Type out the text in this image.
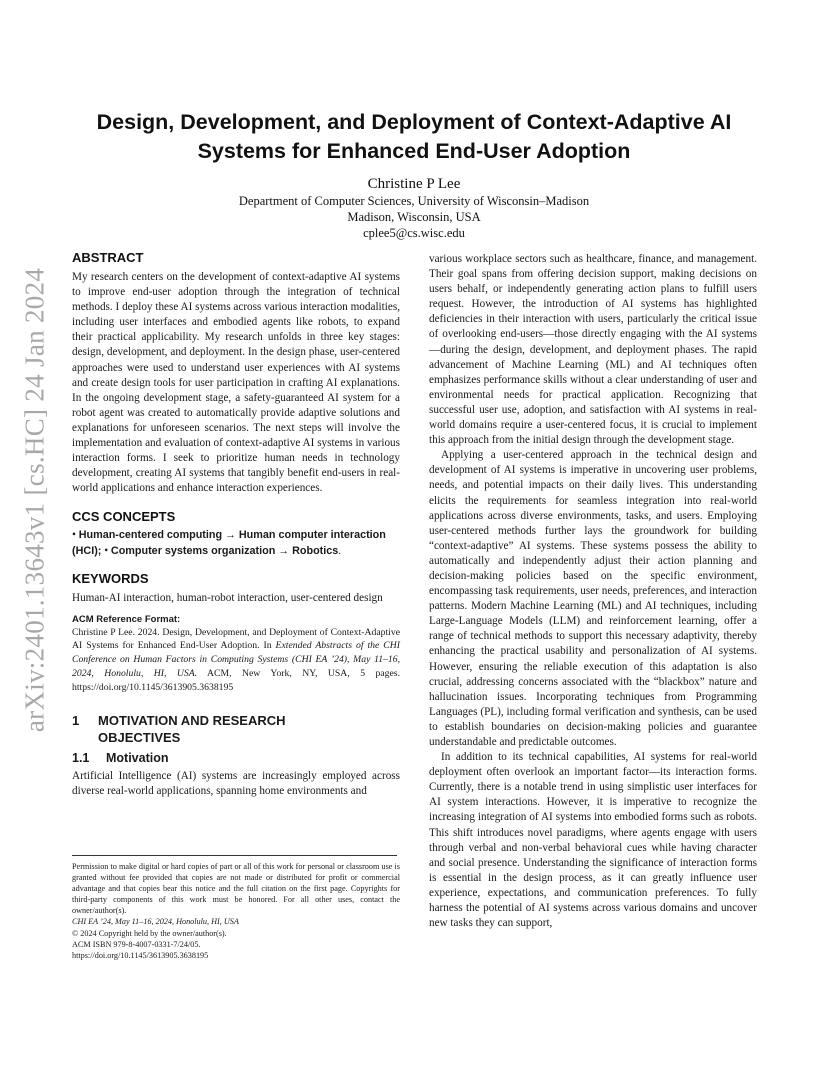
arXiv:2401.13643v1 [cs.HC] 24 Jan 2024
Design, Development, and Deployment of Context-Adaptive AI
Systems for Enhanced End-User Adoption
Christine P Lee
Department of Computer Sciences, University of Wisconsin–Madison
Madison, Wisconsin, USA
cplee5@cs.wisc.edu
ABSTRACT

My research centers on the development of context-adaptive AI systems to improve end-user adoption through the integration of technical methods. I deploy these AI systems across various interaction modalities, including user interfaces and embodied agents like robots, to expand their practical applicability. My research unfolds in three key stages: design, development, and deployment. In the design phase, user-centered approaches were used to understand user experiences with AI systems and create design tools for user participation in crafting AI explanations. In the ongoing development stage, a safety-guaranteed AI system for a robot agent was created to automatically provide adaptive solutions and explanations for unforeseen scenarios. The next steps will involve the implementation and evaluation of context-adaptive AI systems in various interaction forms. I seek to prioritize human needs in technology development, creating AI systems that tangibly benefit end-users in real-world applications and enhance interaction experiences.

CCS CONCEPTS

• Human-centered computing → Human computer interaction (HCI); • Computer systems organization → Robotics.

KEYWORDS

Human-AI interaction, human-robot interaction, user-centered design

ACM Reference Format:

Christine P Lee. 2024. Design, Development, and Deployment of Context-Adaptive AI Systems for Enhanced End-User Adoption. In Extended Abstracts of the CHI Conference on Human Factors in Computing Systems (CHI EA ’24), May 11–16, 2024, Honolulu, HI, USA. ACM, New York, NY, USA, 5 pages. https://doi.org/10.1145/3613905.3638195

1	MOTIVATION AND RESEARCH
OBJECTIVES
1.1	Motivation

Artificial Intelligence (AI) systems are increasingly employed across diverse real-world applications, spanning home environments and

Permission to make digital or hard copies of part or all of this work for personal or classroom use is granted without fee provided that copies are not made or distributed for profit or commercial advantage and that copies bear this notice and the full citation on the first page. Copyrights for third-party components of this work must be honored. For all other uses, contact the owner/author(s).

CHI EA ’24, May 11–16, 2024, Honolulu, HI, USA

© 2024 Copyright held by the owner/author(s).

ACM ISBN 979-8-4007-0331-7/24/05.

https://doi.org/10.1145/3613905.3638195

various workplace sectors such as healthcare, finance, and management. Their goal spans from offering decision support, making decisions on users behalf, or independently generating action plans to fulfill users request. However, the introduction of AI systems has highlighted deficiencies in their interaction with users, particularly the critical issue of overlooking end-users—those directly engaging with the AI systems—during the design, development, and deployment phases. The rapid advancement of Machine Learning (ML) and AI techniques often emphasizes performance skills without a clear understanding of user and environmental needs for practical application. Recognizing that successful user use, adoption, and satisfaction with AI systems in real-world domains require a user-centered focus, it is crucial to implement this approach from the initial design through the development stage.

Applying a user-centered approach in the technical design and development of AI systems is imperative in uncovering user problems, needs, and potential impacts on their daily lives. This understanding elicits the requirements for seamless integration into real-world applications across diverse environments, tasks, and users. Employing user-centered methods further lays the groundwork for building “context-adaptive” AI systems. These systems possess the ability to automatically and independently adjust their action planning and decision-making policies based on the specific environment, encompassing task requirements, user needs, preferences, and interaction patterns. Modern Machine Learning (ML) and AI techniques, including Large-Language Models (LLM) and reinforcement learning, offer a range of technical methods to support this necessary adaptivity, thereby enhancing the practical usability and personalization of AI systems. However, ensuring the reliable execution of this adaptation is also crucial, addressing concerns associated with the “blackbox” nature and hallucination issues. Incorporating techniques from Programming Languages (PL), including formal verification and synthesis, can be used to establish boundaries on decision-making policies and guarantee understandable and predictable outcomes.

In addition to its technical capabilities, AI systems for real-world deployment often overlook an important factor—its interaction forms. Currently, there is a notable trend in using simplistic user interfaces for AI system interactions. However, it is imperative to recognize the increasing integration of AI systems into embodied forms such as robots. This shift introduces novel paradigms, where agents engage with users through verbal and non-verbal behavioral cues while having character and social presence. Understanding the significance of interaction forms is essential in the design process, as it can greatly influence user experience, expectations, and communication preferences. To fully harness the potential of AI systems across various domains and uncover new tasks they can support,
